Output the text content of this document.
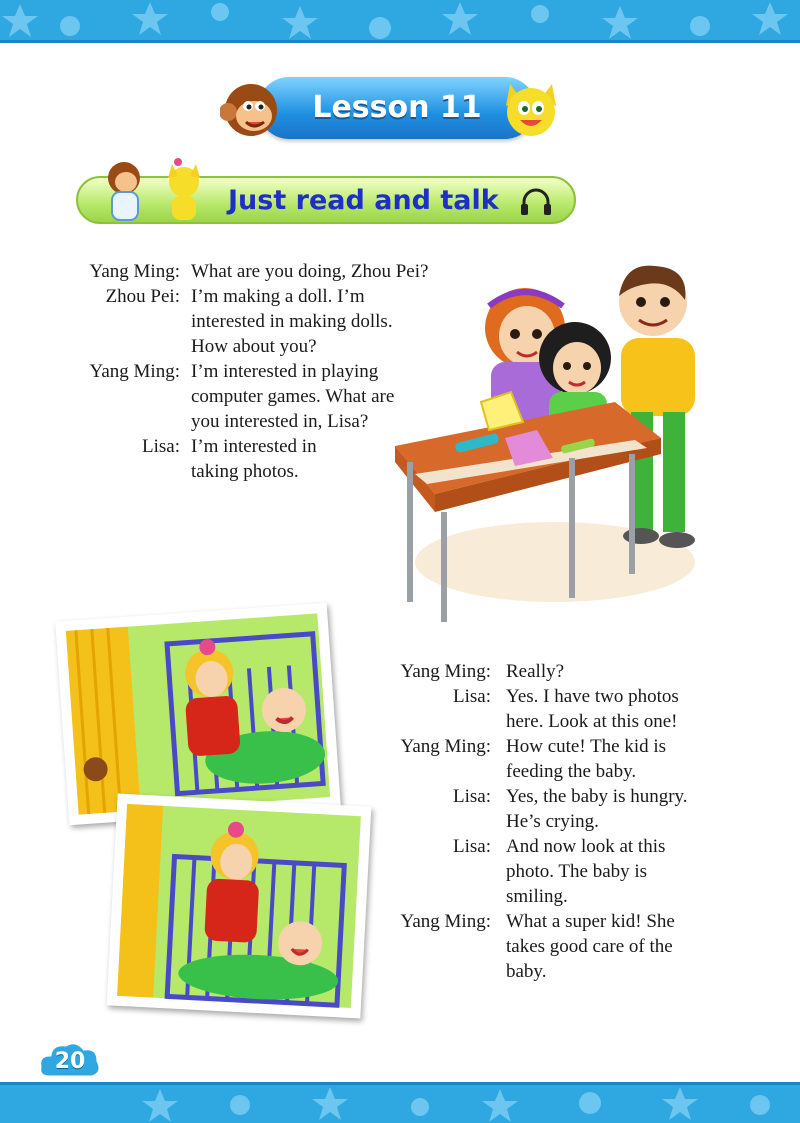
Lesson 11
Just read and talk
Yang Ming: What are you doing, Zhou Pei?
Zhou Pei: I’m making a doll. I’m
interested in making dolls.
How about you?
Yang Ming: I’m interested in playing
computer games. What are
you interested in, Lisa?
Lisa: I’m interested in
taking photos.
Yang Ming: Really?
Lisa: Yes. I have two photos
here. Look at this one!
Yang Ming: How cute! The kid is
feeding the baby.
Lisa: Yes, the baby is hungry.
He’s crying.
Lisa: And now look at this
photo. The baby is
smiling.
Yang Ming: What a super kid! She
takes good care of the
baby.
20
